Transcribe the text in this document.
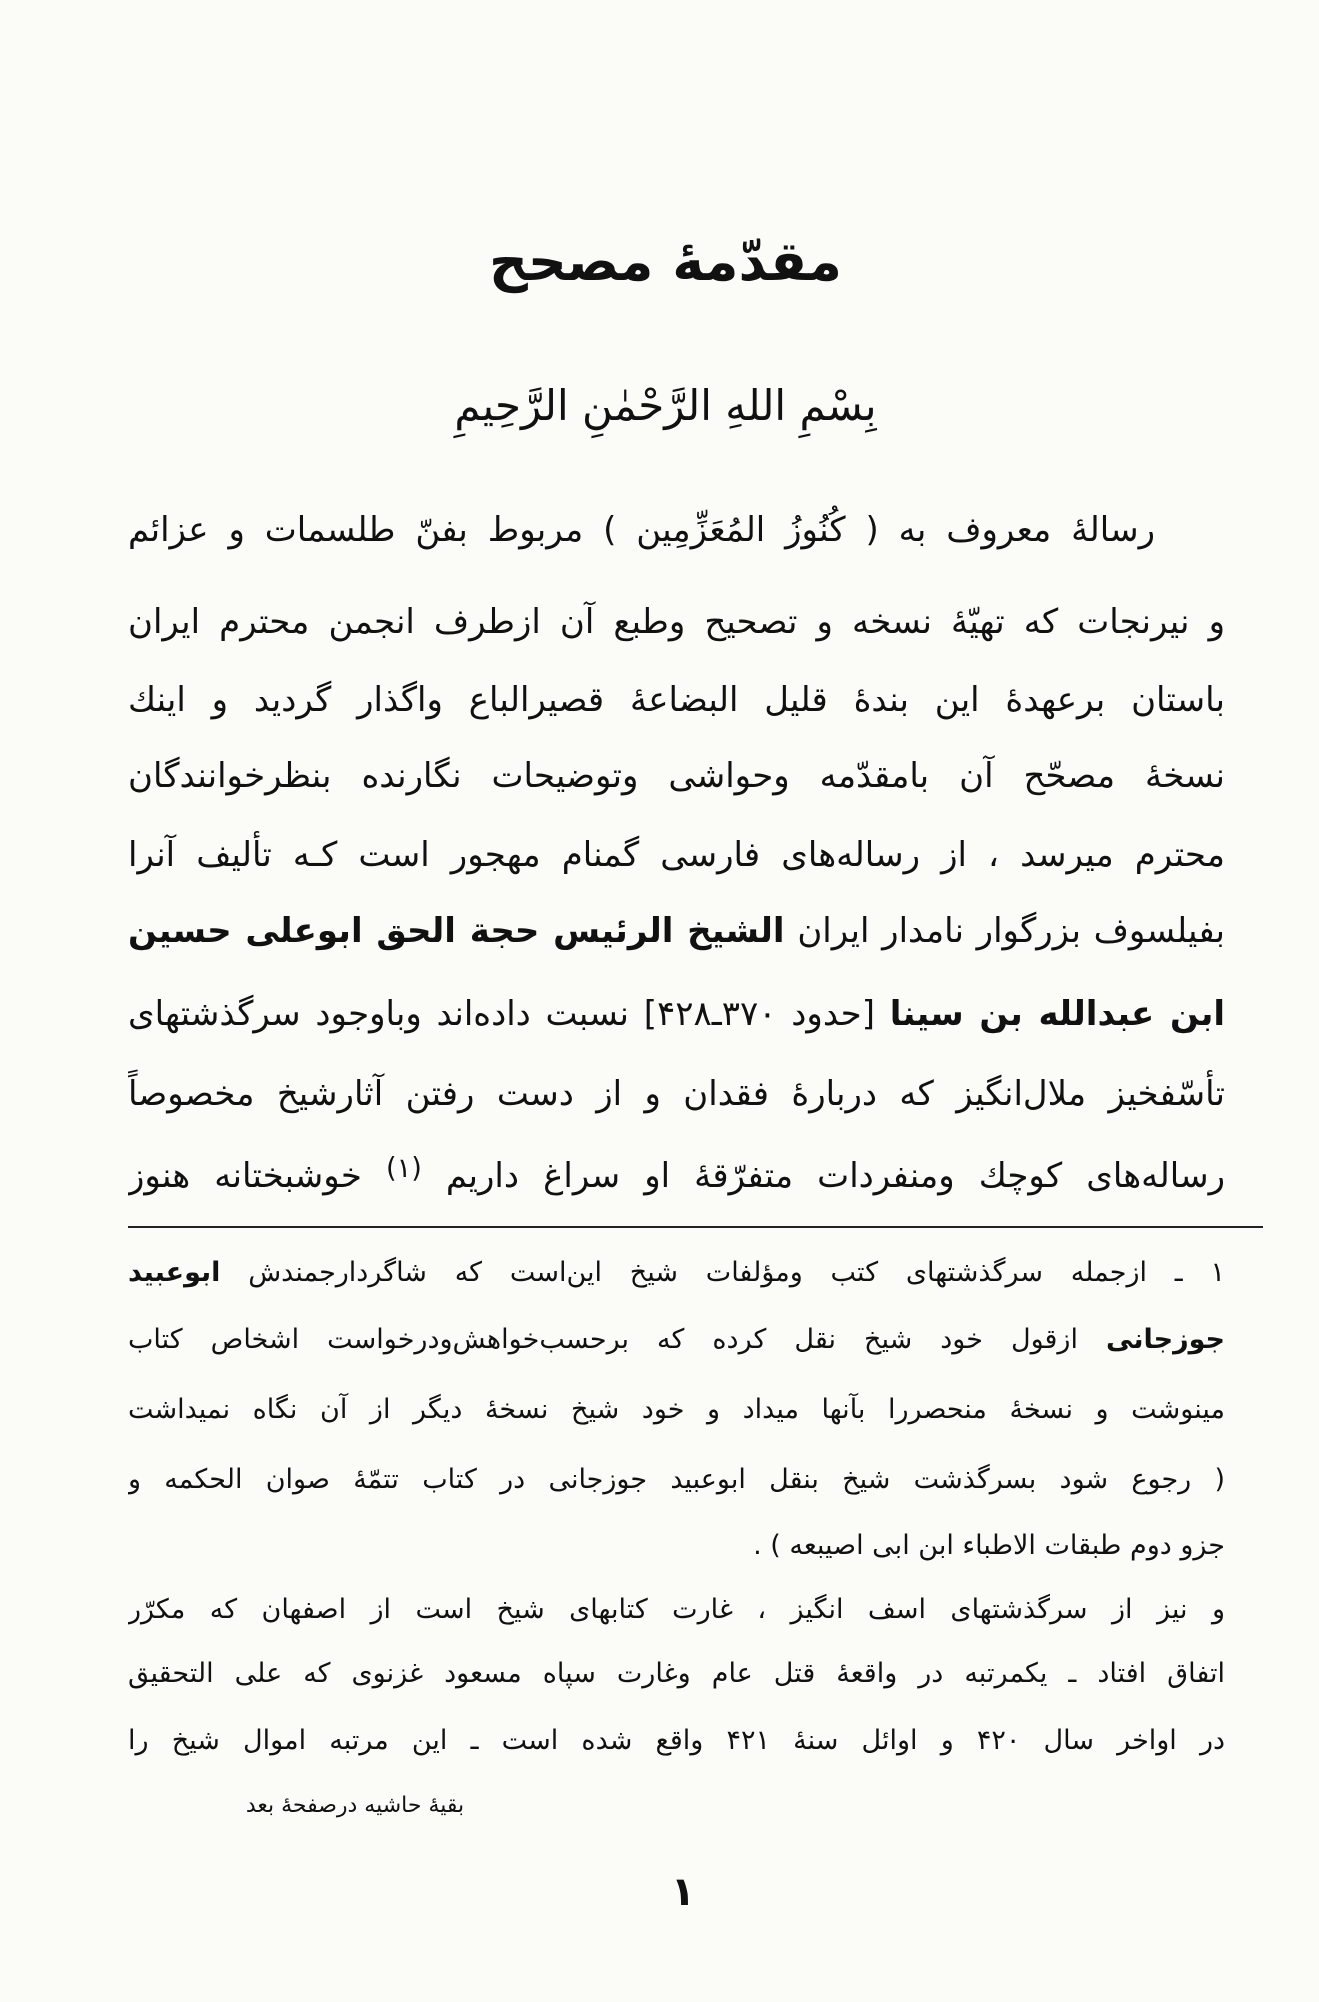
مقدّمهٔ مصحح
بِسْمِ اللهِ الرَّحْمٰنِ الرَّحِیمِ
رسالهٔ معروف به ( کُنُوزُ المُعَزِّمِین ) مربوط بفنّ طلسمات و عزائم
و نیرنجات که تهیّهٔ نسخه و تصحیح وطبع آن ازطرف انجمن محترم ایران
باستان برعهدهٔ این بندهٔ قلیل البضاعهٔ قصیرالباع واگذار گردید و اینك
نسخهٔ مصحّح آن بامقدّمه وحواشی وتوضیحات نگارنده بنظرخوانندگان
محترم میرسد ، از رساله‌های فارسی گمنام مهجور است کـه تألیف آنرا
بفیلسوف بزرگوار نامدار ایران الشیخ الرئیس حجة الحق ابوعلی حسین
ابن عبدالله بن سینا [حدود ۳۷۰ـ۴۲۸] نسبت داده‌اند وباوجود سرگذشتهای
تأسّفخیز ملال‌انگیز که دربارهٔ فقدان و از دست رفتن آثارشیخ مخصوصاً
رساله‌های کوچك ومنفردات متفرّقهٔ او سراغ داریم $^{(۱)}$ خوشبختانه هنوز
۱ ـ ازجمله سرگذشتهای کتب ومؤلفات شیخ این‌است که شاگردارجمندش ابوعبید
جوزجانی ازقول خود شیخ نقل کرده که برحسب‌خواهش‌ودرخواست اشخاص کتاب
مینوشت و نسخهٔ منحصررا بآنها میداد و خود شیخ نسخهٔ دیگر از آن نگاه نمیداشت
( رجوع شود بسرگذشت شیخ بنقل ابوعبید جوزجانی در کتاب تتمّهٔ صوان الحکمه و
جزو دوم طبقات الاطباء ابن ابی اصیبعه ) .
و نیز از سرگذشتهای اسف انگیز ، غارت کتابهای شیخ است از اصفهان که مکرّر
اتفاق افتاد ـ یکمرتبه در واقعهٔ قتل عام وغارت سپاه مسعود غزنوی که علی التحقیق
در اواخر سال ۴۲۰ و اوائل سنهٔ ۴۲۱ واقع شده است ـ این مرتبه اموال شیخ را
بقیهٔ حاشیه درصفحهٔ بعد
۱
